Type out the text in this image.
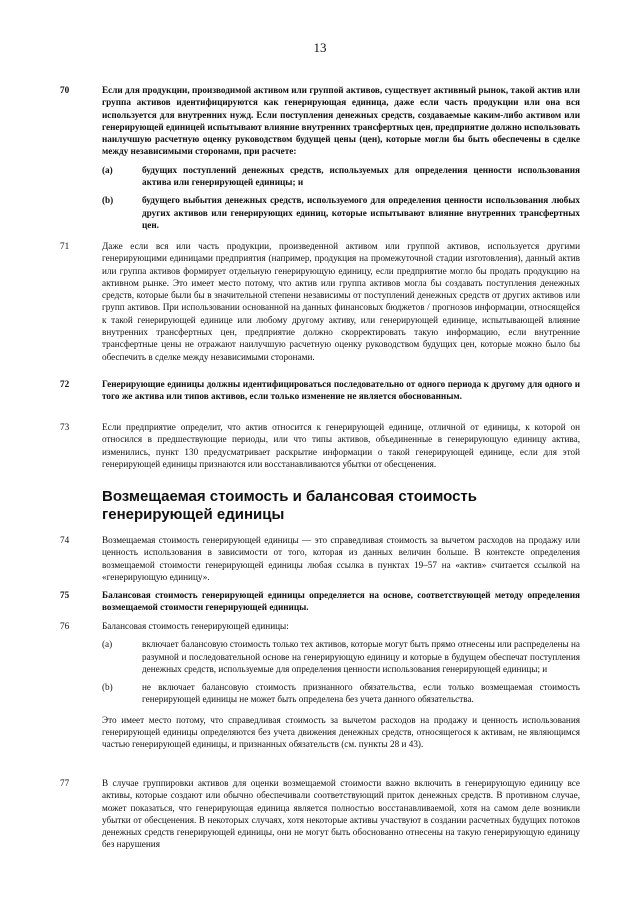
13
70	Если для продукции, производимой активом или группой активов, существует активный рынок, такой актив или группа активов идентифицируются как генерирующая единица, даже если часть продукции или она вся используется для внутренних нужд. Если поступления денежных средств, создаваемые каким-либо активом или генерирующей единицей испытывают влияние внутренних трансфертных цен, предприятие должно использовать наилучшую расчетную оценку руководством будущей цены (цен), которые могли бы быть обеспечены в сделке между независимыми сторонами, при расчете:
(a)	будущих поступлений денежных средств, используемых для определения ценности использования актива или генерирующей единицы; и
(b)	будущего выбытия денежных средств, используемого для определения ценности использования любых других активов или генерирующих единиц, которые испытывают влияние внутренних трансфертных цен.
71	Даже если вся или часть продукции, произведенной активом или группой активов, используется другими генерирующими единицами предприятия (например, продукция на промежуточной стадии изготовления), данный актив или группа активов формирует отдельную генерирующую единицу, если предприятие могло бы продать продукцию на активном рынке. Это имеет место потому, что актив или группа активов могла бы создавать поступления денежных средств, которые были бы в значительной степени независимы от поступлений денежных средств от других активов или групп активов. При использовании основанной на данных финансовых бюджетов / прогнозов информации, относящейся к такой генерирующей единице или любому другому активу, или генерирующей единице, испытывающей влияние внутренних трансфертных цен, предприятие должно скорректировать такую информацию, если внутренние трансфертные цены не отражают наилучшую расчетную оценку руководством будущих цен, которые можно было бы обеспечить в сделке между независимыми сторонами.
72	Генерирующие единицы должны идентифицироваться последовательно от одного периода к другому для одного и того же актива или типов активов, если только изменение не является обоснованным.
73	Если предприятие определит, что актив относится к генерирующей единице, отличной от единицы, к которой он относился в предшествующие периоды, или что типы активов, объединенные в генерирующую единицу актива, изменились, пункт 130 предусматривает раскрытие информации о такой генерирующей единице, если для этой генерирующей единицы признаются или восстанавливаются убытки от обесценения.
Возмещаемая стоимость и балансовая стоимость генерирующей единицы
74	Возмещаемая стоимость генерирующей единицы — это справедливая стоимость за вычетом расходов на продажу или ценность использования в зависимости от того, которая из данных величин больше. В контексте определения возмещаемой стоимости генерирующей единицы любая ссылка в пунктах 19–57 на «актив» считается ссылкой на «генерирующую единицу».
75	Балансовая стоимость генерирующей единицы определяется на основе, соответствующей методу определения возмещаемой стоимости генерирующей единицы.
76	Балансовая стоимость генерирующей единицы:
(a)	включает балансовую стоимость только тех активов, которые могут быть прямо отнесены или распределены на разумной и последовательной основе на генерирующую единицу и которые в будущем обеспечат поступления денежных средств, используемые для определения ценности использования генерирующей единицы; и
(b)	не включает балансовую стоимость признанного обязательства, если только возмещаемая стоимость генерирующей единицы не может быть определена без учета данного обязательства.
Это имеет место потому, что справедливая стоимость за вычетом расходов на продажу и ценность использования генерирующей единицы определяются без учета движения денежных средств, относящегося к активам, не являющимся частью генерирующей единицы, и признанных обязательств (см. пункты 28 и 43).
77	В случае группировки активов для оценки возмещаемой стоимости важно включить в генерирующую единицу все активы, которые создают или обычно обеспечивали соответствующий приток денежных средств. В противном случае, может показаться, что генерирующая единица является полностью восстанавливаемой, хотя на самом деле возникли убытки от обесценения. В некоторых случаях, хотя некоторые активы участвуют в создании расчетных будущих потоков денежных средств генерирующей единицы, они не могут быть обоснованно отнесены на такую генерирующую единицу без нарушения
